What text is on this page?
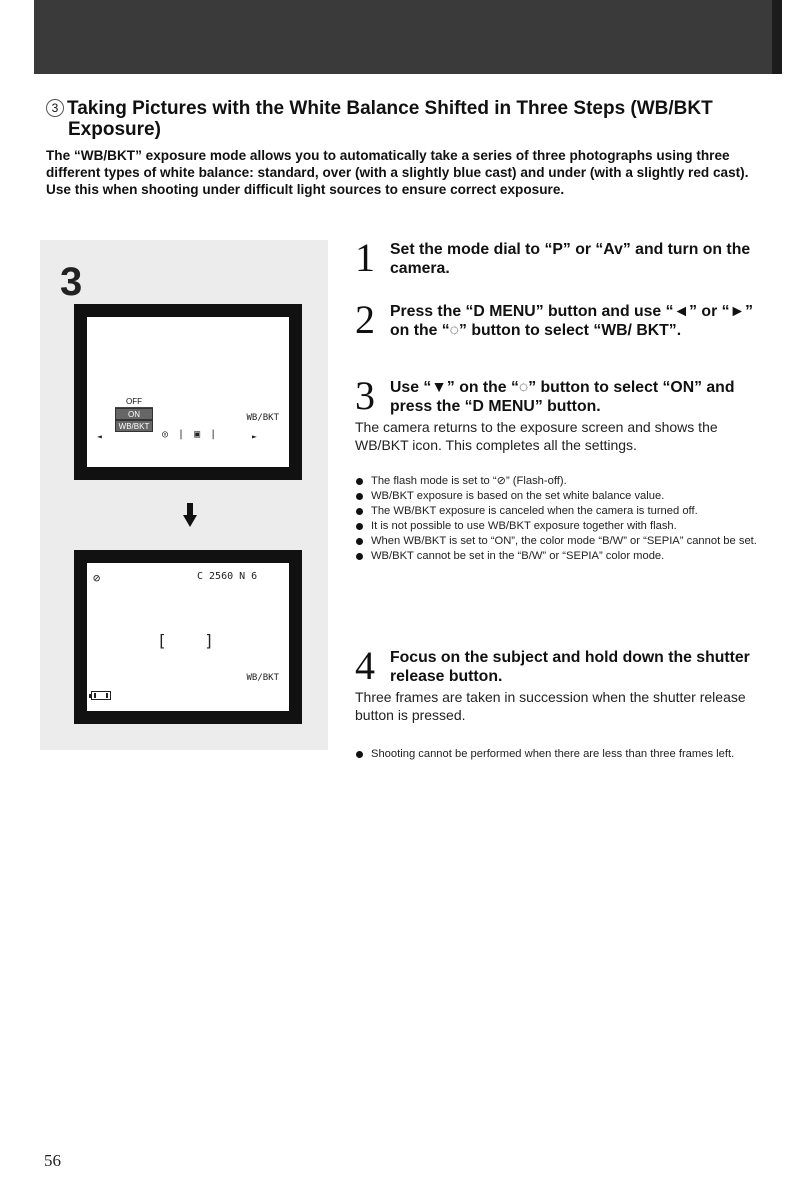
3 Taking Pictures with the White Balance Shifted in Three Steps (WB/BKT
Exposure)

The “WB/BKT” exposure mode allows you to automatically take a series of three photographs using three different types of white balance: standard, over (with a slightly blue cast) and under (with a slightly red cast).

Use this when shooting under difficult light sources to ensure correct exposure.

3
OFF
ON
WB/BKT
◄	◎ | ▣ |	►
WB/BKT
⊘	C 2560 N 6
[ ]
WB/BKT
1 Set the mode dial to “P” or “Av” and turn on the camera.
2 Press the “D MENU” button and use “◄” or “►” on the “◌” button to select “WB/ BKT”.
3 Use “▼” on the “◌” button to select “ON” and press the “D MENU” button.
The camera returns to the exposure screen and shows the WB/BKT icon. This completes all the settings.
The flash mode is set to “⊘” (Flash-off).
WB/BKT exposure is based on the set white balance value.
The WB/BKT exposure is canceled when the camera is turned off.
It is not possible to use WB/BKT exposure together with flash.
When WB/BKT is set to “ON”, the color mode “B/W” or “SEPIA” cannot be set.
WB/BKT cannot be set in the “B/W” or “SEPIA” color mode.
4 Focus on the subject and hold down the shutter release button.
Three frames are taken in succession when the shutter release button is pressed.
Shooting cannot be performed when there are less than three frames left.
56
